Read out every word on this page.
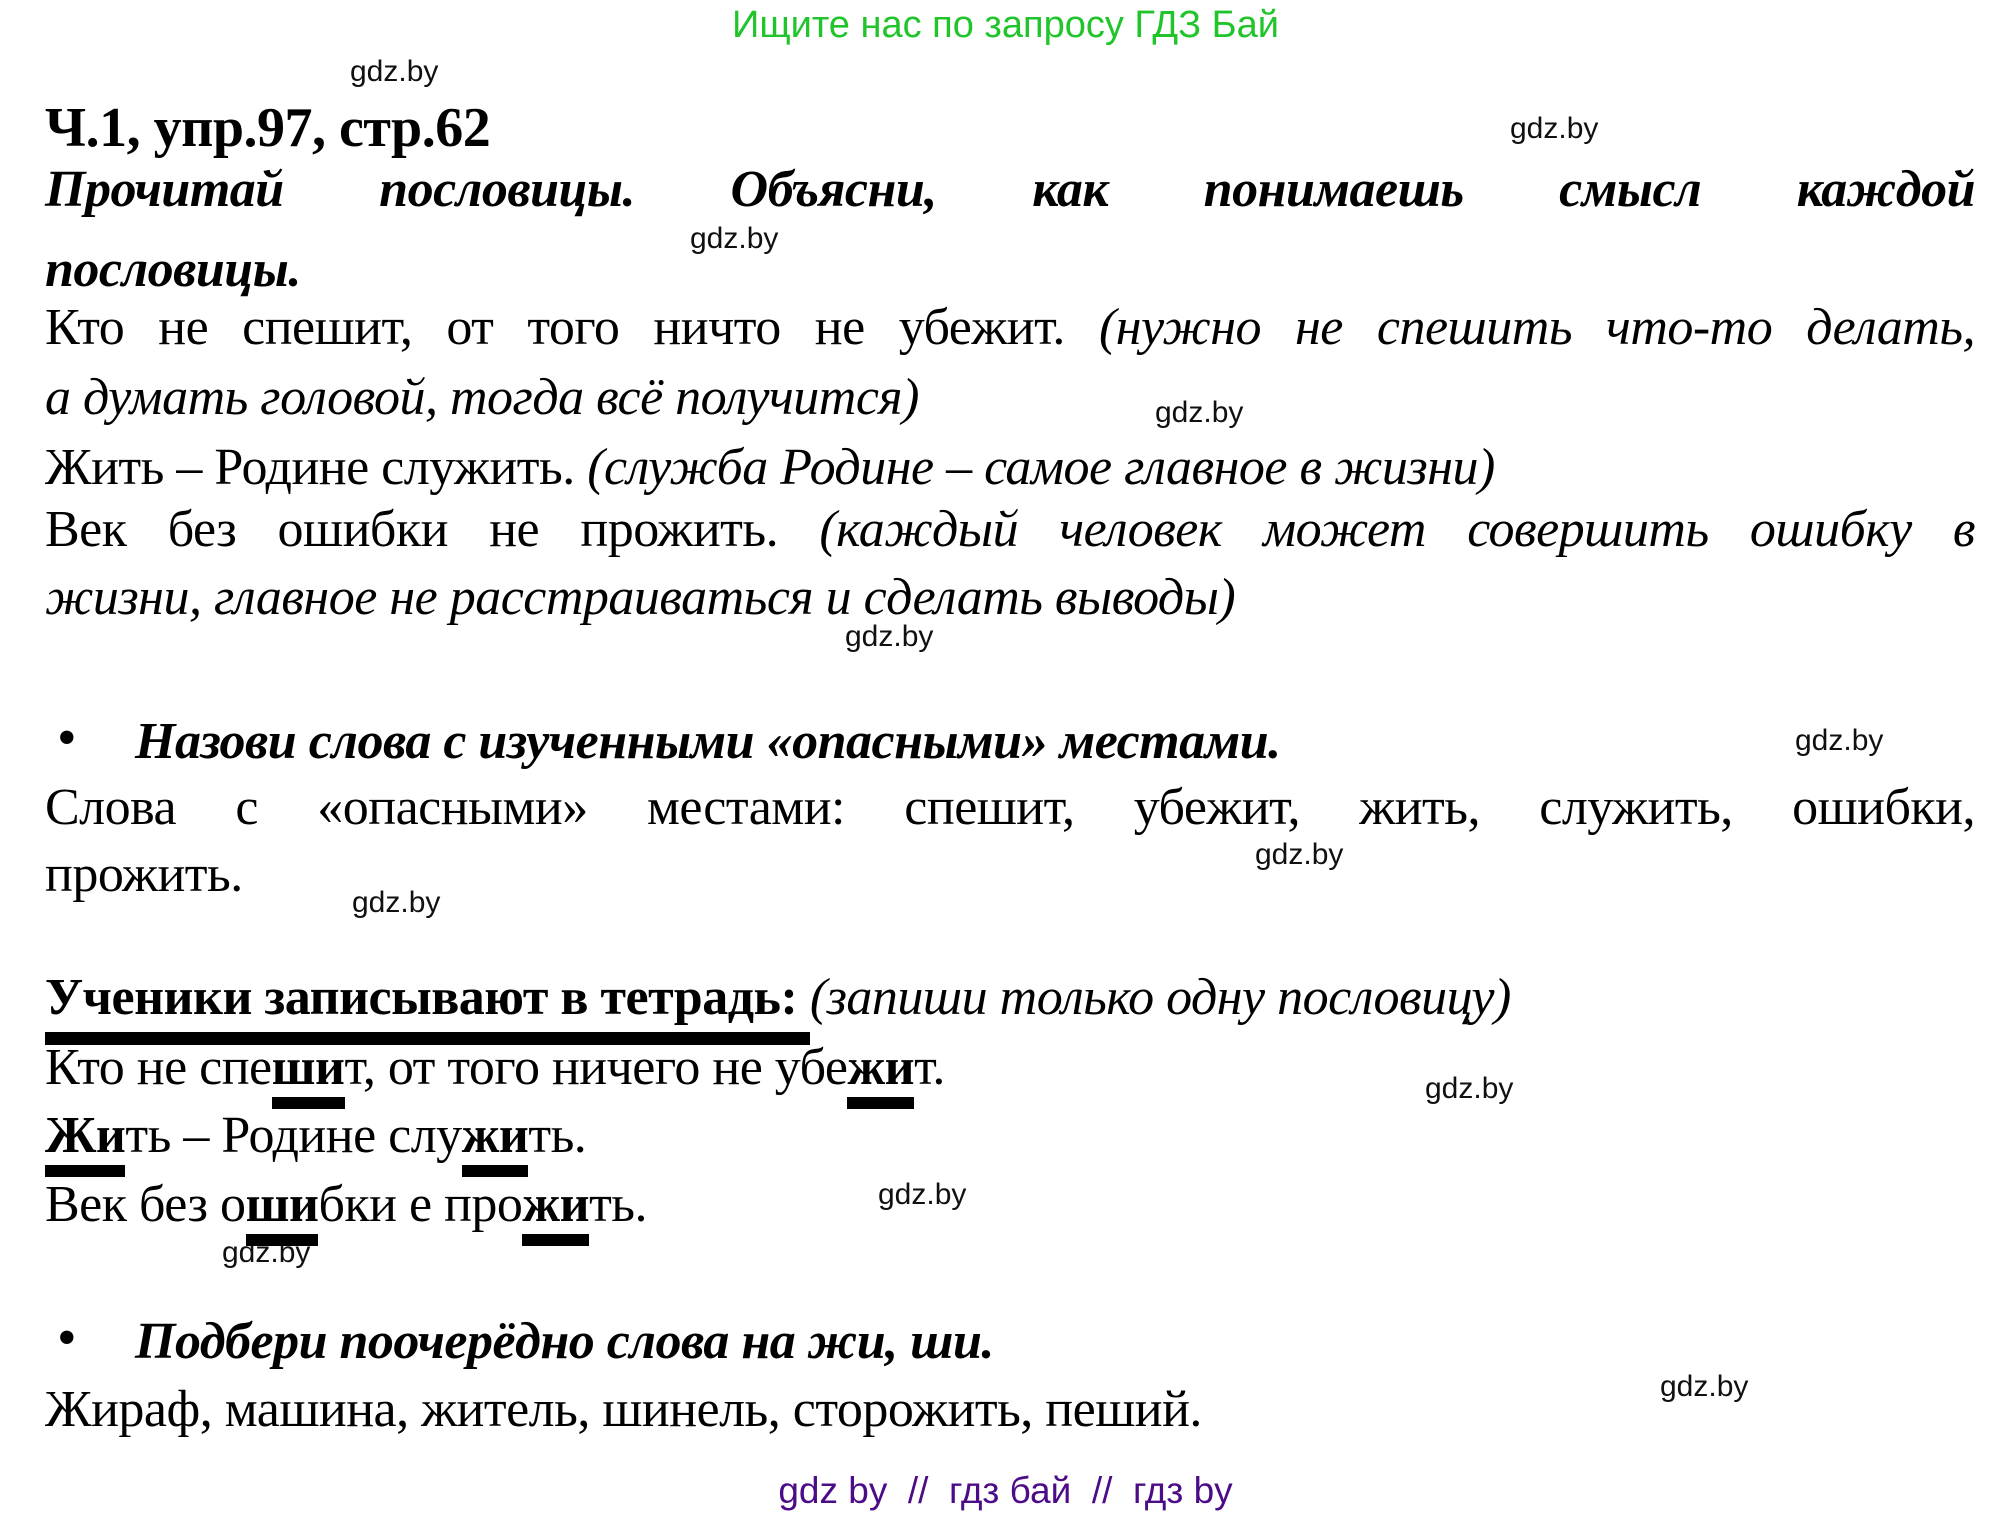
Ищите нас по запросу ГДЗ Бай
gdz.by
gdz.by
gdz.by
gdz.by
gdz.by
gdz.by
gdz.by
gdz.by
gdz.by
gdz.by
gdz.by
gdz.by
Ч.1, упр.97, стр.62
Прочитай пословицы. Объясни, как понимаешь смысл каждой
пословицы.
Кто не спешит, от того ничто не убежит. (нужно не спешить что-то делать,
а думать головой, тогда всё получится)
Жить – Родине служить. (служба Родине – самое главное в жизни)
Век без ошибки не прожить. (каждый человек может совершить ошибку в
жизни, главное не расстраиваться и сделать выводы)
• Назови слова с изученными «опасными» местами.
Слова с «опасными» местами: спешит, убежит, жить, служить, ошибки,
прожить.
Ученики записывают в тетрадь: (запиши только одну пословицу)
Кто не спешит, от того ничего не убежит.
Жить – Родине служить.
Век без ошибки е прожить.
• Подбери поочерёдно слова на жи, ши.
Жираф, машина, житель, шинель, сторожить, пеший.
gdz by  //  гдз бай  //  гдз by
